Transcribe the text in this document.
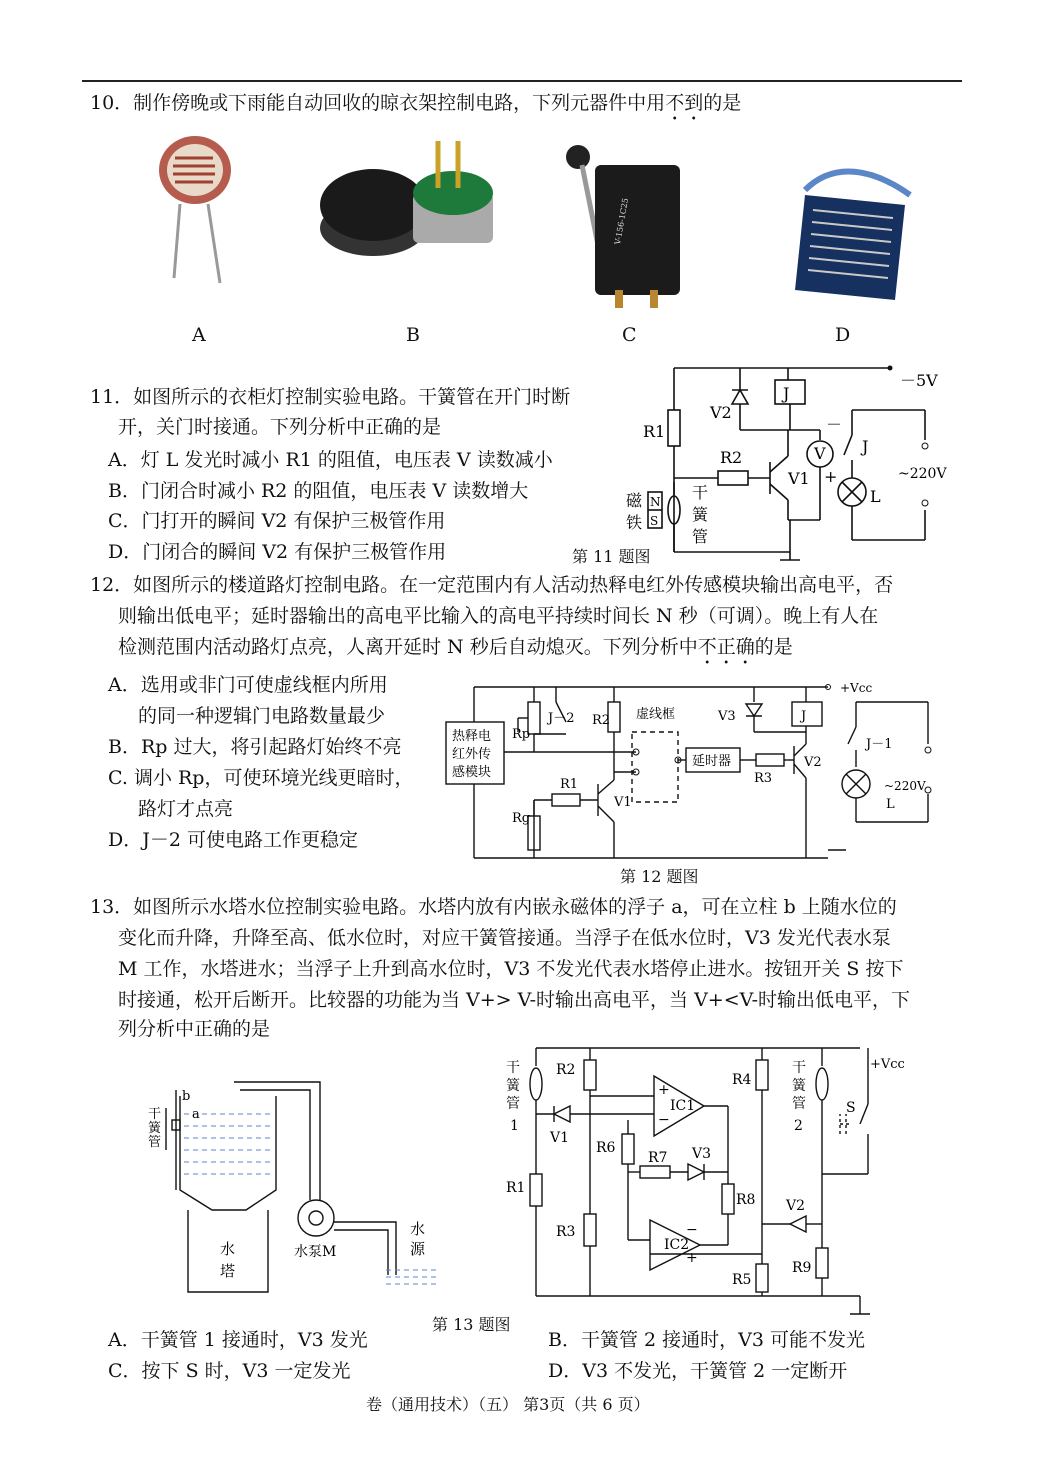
10．制作傍晚或下雨能自动回收的晾衣架控制电路，下列元器件中用不到的是
V-156-1C25
A	B	C	D
11．如图所示的衣柜灯控制实验电路。干簧管在开门时断
开，关门时接通。下列分析中正确的是
A．灯 L 发光时减小 R1 的阻值，电压表 V 读数减小
B．门闭合时减小 R2 的阻值，电压表 V 读数增大
C．门打开的瞬间 V2 有保护三极管作用
D．门闭合的瞬间 V2 有保护三极管作用
－5V
J
V2
R1
R2
V1
V
－
+
J
L
~220V
磁
铁
N
S
干
簧
管
第 11 题图
12．如图所示的楼道路灯控制电路。在一定范围内有人活动热释电红外传感模块输出高电平，否
则输出低电平；延时器输出的高电平比输入的高电平持续时间长 N 秒（可调）。晚上有人在
检测范围内活动路灯点亮，人离开延时 N 秒后自动熄灭。下列分析中不正确的是
A．选用或非门可使虚线框内所用
的同一种逻辑门电路数量最少
B．Rp 过大，将引起路灯始终不亮
C. 调小 Rp，可使环境光线更暗时，
路灯才点亮
D．J－2 可使电路工作更稳定
+Vcc
热释电
红外传
感模块
Rp
J－2 R2 虚线框	V3	J
延时器
R3
V2
R1
V1
Rg
J－1
~220V
L
第 12 题图
13．如图所示水塔水位控制实验电路。水塔内放有内嵌永磁体的浮子 a，可在立柱 b 上随水位的
变化而升降，升降至高、低水位时，对应干簧管接通。当浮子在低水位时，V3 发光代表水泵
M 工作，水塔进水；当浮子上升到高水位时，V3 不发光代表水塔停止进水。按钮开关 S 按下
时接通，松开后断开。比较器的功能为当 V+> V-时输出高电平，当 V+<V-时输出低电平，下
列分析中正确的是
b
a
干
簧
管
水
塔
水泵M
水
源
干
簧
管
1
干
簧
管
2
+Vcc
R2
R4
IC1
+
−
V1
R6	V3
R7
R1
R8 V2
R3
IC2
−
+
R5
R9
S
第 13 题图
A．干簧管 1 接通时，V3 发光	B．干簧管 2 接通时，V3 可能不发光
C．按下 S 时，V3 一定发光	D．V3 不发光，干簧管 2 一定断开
卷（通用技术）（五） 第3页（共 6 页）
